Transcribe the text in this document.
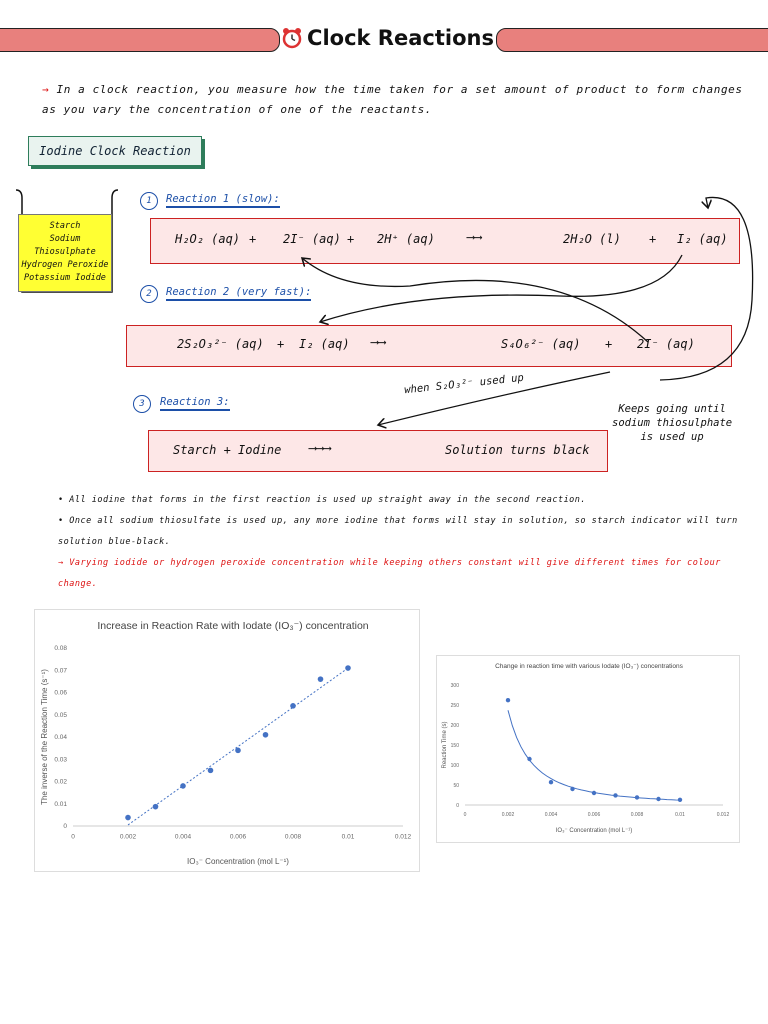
Clock Reactions
→ In a clock reaction, you measure how the time taken for a set amount of product to form changes as you vary the concentration of one of the reactants.
Iodine Clock Reaction
Starch
Sodium Thiosulphate
Hydrogen Peroxide
Potassium Iodide
1	Reaction 1 (slow):
H₂O₂ (aq) + 2I⁻ (aq) + 2H⁺ (aq)	⟶⟶	2H₂O (l) + I₂ (aq)
2	Reaction 2 (very fast):
2S₂O₃²⁻ (aq) + I₂ (aq) ⟶⟶	S₄O₆²⁻ (aq) + 2I⁻ (aq)
3	Reaction 3:
Starch + Iodine ⟶⟶⟶	Solution turns black
when S₂O₃²⁻ used up
Keeps going until
sodium thiosulphate
is used up
• All iodine that forms in the first reaction is used up straight away in the second reaction.
• Once all sodium thiosulfate is used up, any more iodine that forms will stay in solution, so starch indicator will turn solution blue-black.
→ Varying iodide or hydrogen peroxide concentration while keeping others constant will give different times for colour change.
Increase in Reaction Rate with Iodate (IO₃⁻) concentration
0
0.01
0.02
0.03
0.04
0.05
0.06
0.07
0.08
0	0.002	0.004	0.006	0.008	0.01	0.012
IO₃⁻ Concentration (mol L⁻¹)
The inverse of the Reaction Time (s⁻¹)
Change in reaction time with various Iodate (IO₃⁻) concentrations
0
50
100
150
200
250
300
0	0.002	0.004	0.006	0.008	0.01	0.012
IO₃⁻ Concentration (mol L⁻¹)
Reaction Time (s)
